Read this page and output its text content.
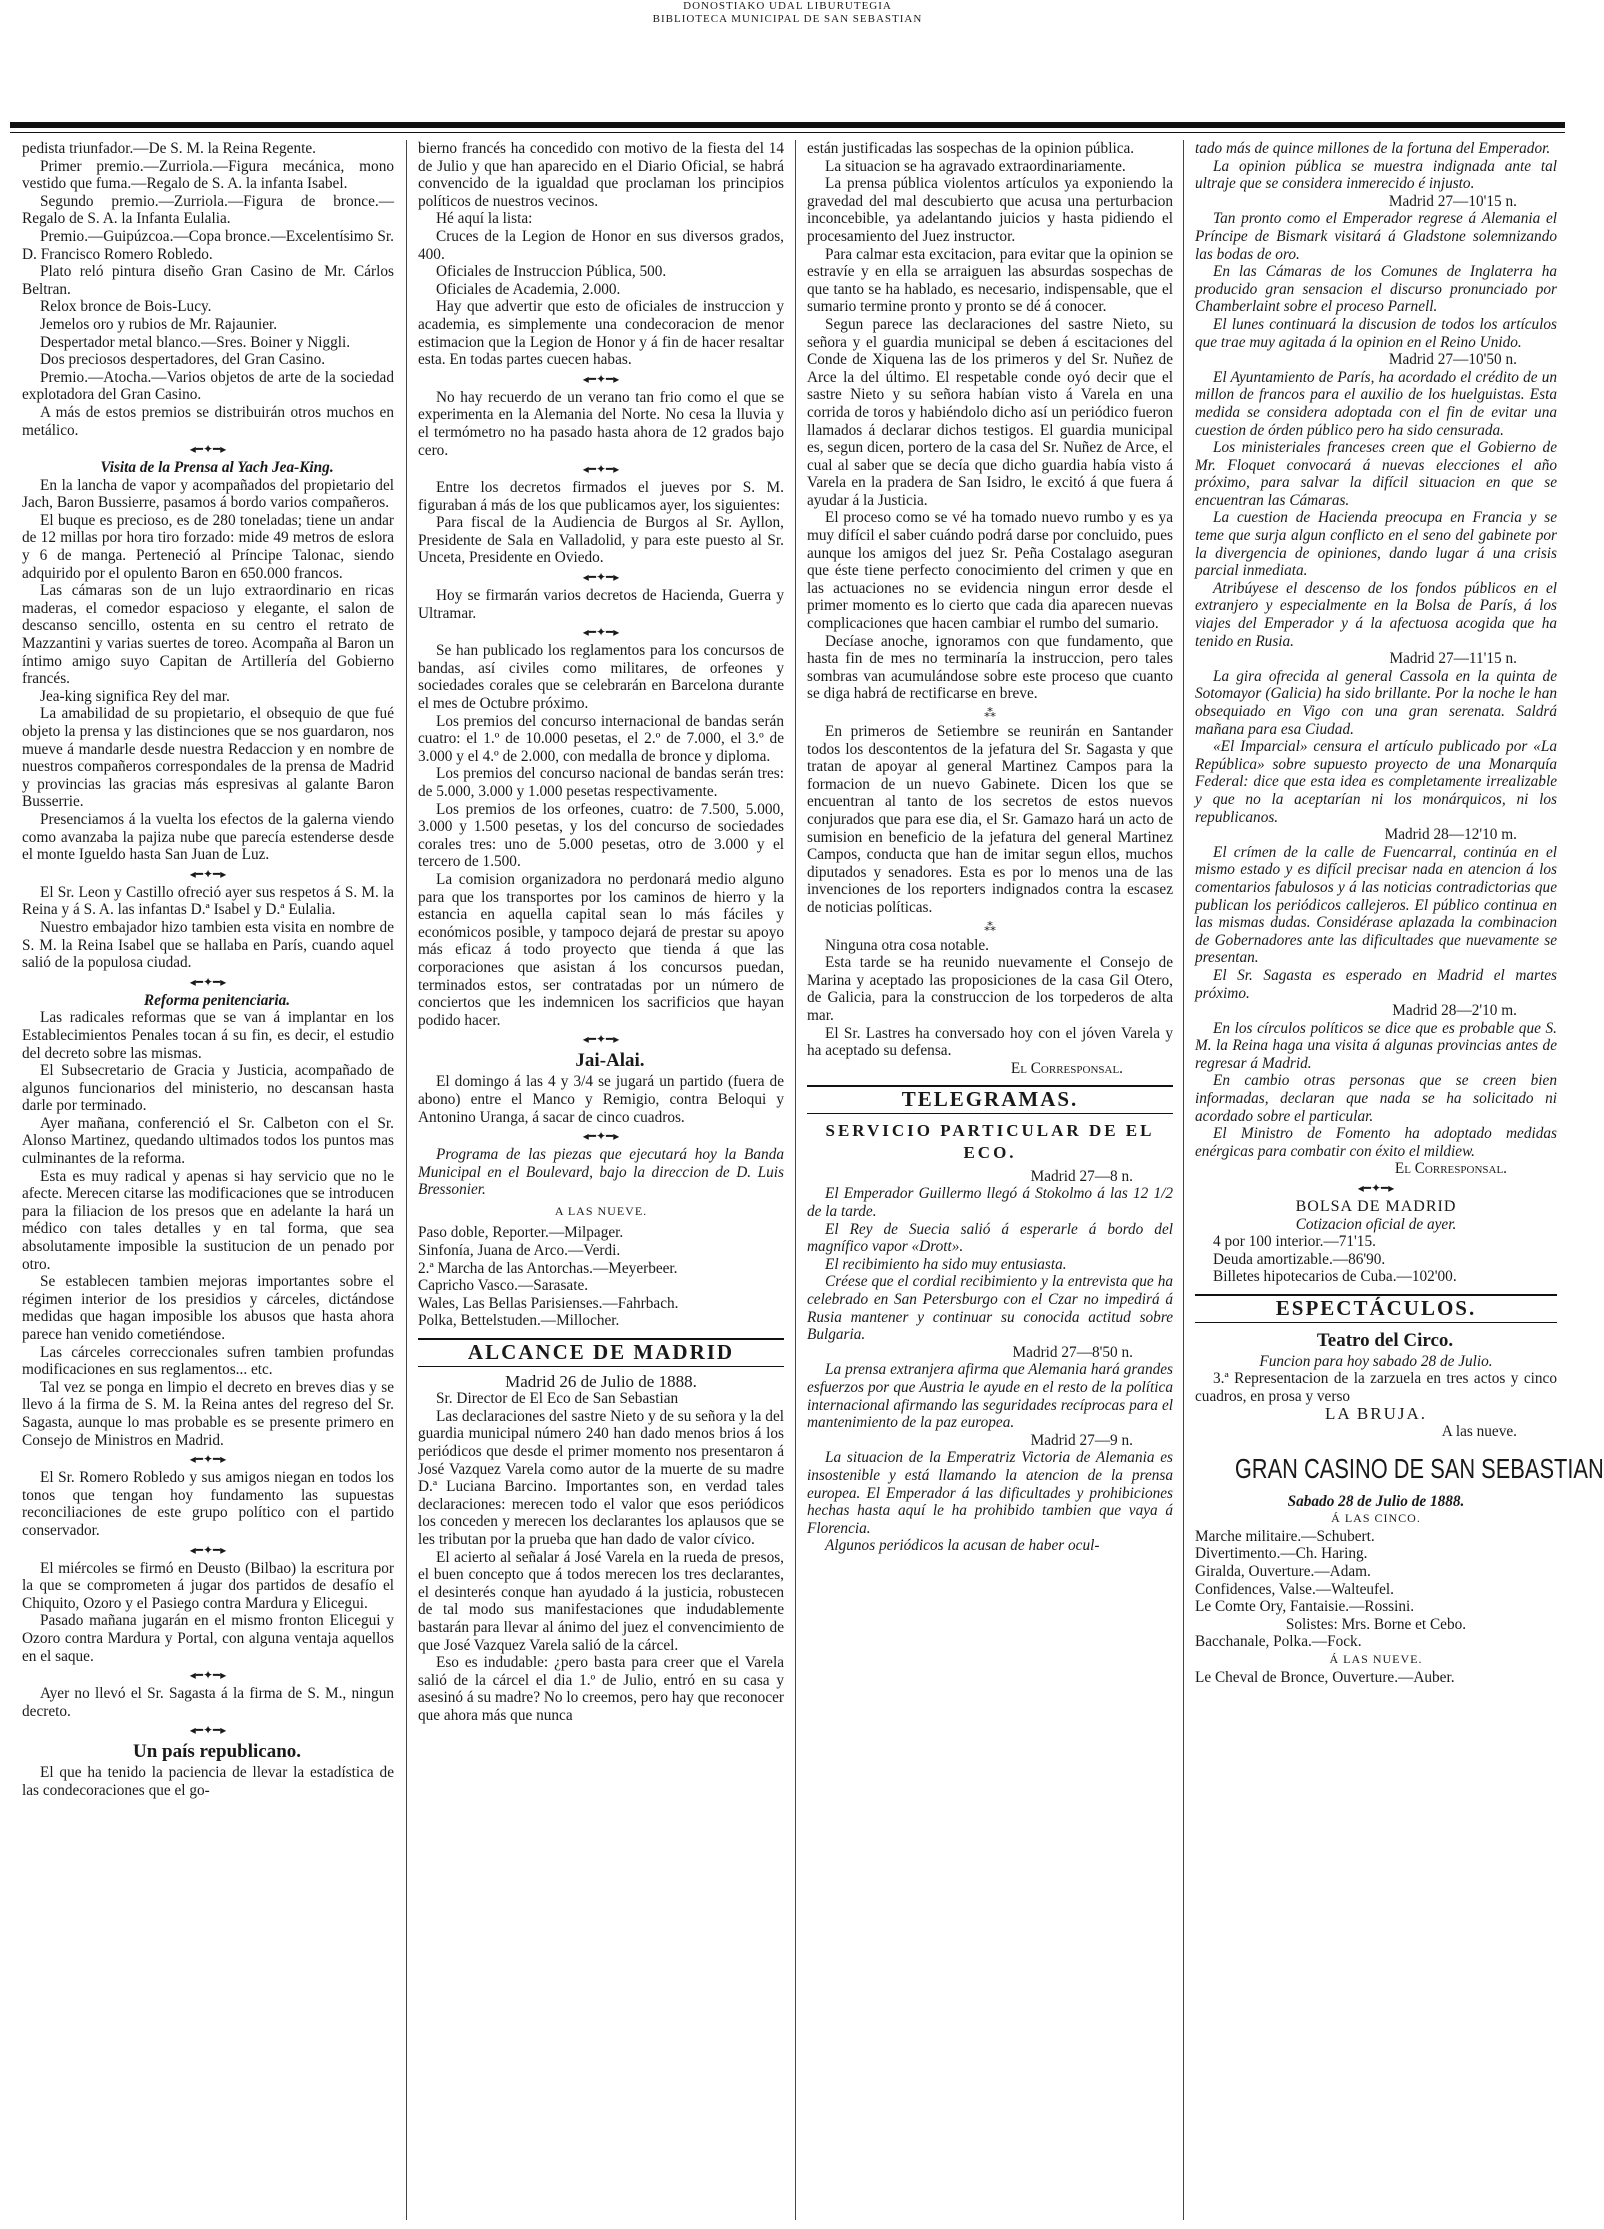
DONOSTIAKO UDAL LIBURUTEGIA
BIBLIOTECA MUNICIPAL DE SAN SEBASTIAN

pedista triunfador.—De S. M. la Reina Regente.

Primer premio.—Zurriola.—Figura mecánica, mono vestido que fuma.—Regalo de S. A. la infanta Isabel.

Segundo premio.—Zurriola.—Figura de bronce.—Regalo de S. A. la Infanta Eulalia.

Premio.—Guipúzcoa.—Copa bronce.—Excelentísimo Sr. D. Francisco Romero Robledo.

Plato reló pintura diseño Gran Casino de Mr. Cárlos Beltran.

Relox bronce de Bois-Lucy.

Jemelos oro y rubios de Mr. Rajaunier.

Despertador metal blanco.—Sres. Boiner y Niggli.

Dos preciosos despertadores, del Gran Casino.

Premio.—Atocha.—Varios objetos de arte de la sociedad explotadora del Gran Casino.

A más de estos premios se distribuirán otros muchos en metálico.

◂━✦━▸

Visita de la Prensa al Yach Jea-King.

En la lancha de vapor y acompañados del propietario del Jach, Baron Bussierre, pasamos á bordo varios compañeros.

El buque es precioso, es de 280 toneladas; tiene un andar de 12 millas por hora tiro forzado: mide 49 metros de eslora y 6 de manga. Perteneció al Príncipe Talonac, siendo adquirido por el opulento Baron en 650.000 francos.

Las cámaras son de un lujo extraordinario en ricas maderas, el comedor espacioso y elegante, el salon de descanso sencillo, ostenta en su centro el retrato de Mazzantini y varias suertes de toreo. Acompaña al Baron un íntimo amigo suyo Capitan de Artillería del Gobierno francés.

Jea-king significa Rey del mar.

La amabilidad de su propietario, el obsequio de que fué objeto la prensa y las distinciones que se nos guardaron, nos mueve á mandarle desde nuestra Redaccion y en nombre de nuestros compañeros correspondales de la prensa de Madrid y provincias las gracias más espresivas al galante Baron Busserrie.

Presenciamos á la vuelta los efectos de la galerna viendo como avanzaba la pajiza nube que parecía estenderse desde el monte Igueldo hasta San Juan de Luz.

◂━✦━▸

El Sr. Leon y Castillo ofreció ayer sus respetos á S. M. la Reina y á S. A. las infantas D.ª Isabel y D.ª Eulalia.

Nuestro embajador hizo tambien esta visita en nombre de S. M. la Reina Isabel que se hallaba en París, cuando aquel salió de la populosa ciudad.

◂━✦━▸

Reforma penitenciaria.

Las radicales reformas que se van á implantar en los Establecimientos Penales tocan á su fin, es decir, el estudio del decreto sobre las mismas.

El Subsecretario de Gracia y Justicia, acompañado de algunos funcionarios del ministerio, no descansan hasta darle por terminado.

Ayer mañana, conferenció el Sr. Calbeton con el Sr. Alonso Martinez, quedando ultimados todos los puntos mas culminantes de la reforma.

Esta es muy radical y apenas si hay servicio que no le afecte. Merecen citarse las modificaciones que se introducen para la filiacion de los presos que en adelante la hará un médico con tales detalles y en tal forma, que sea absolutamente imposible la sustitucion de un penado por otro.

Se establecen tambien mejoras importantes sobre el régimen interior de los presidios y cárceles, dictándose medidas que hagan imposible los abusos que hasta ahora parece han venido cometiéndose.

Las cárceles correccionales sufren tambien profundas modificaciones en sus reglamentos... etc.

Tal vez se ponga en limpio el decreto en breves dias y se llevo á la firma de S. M. la Reina antes del regreso del Sr. Sagasta, aunque lo mas probable es se presente primero en Consejo de Ministros en Madrid.

◂━✦━▸

El Sr. Romero Robledo y sus amigos niegan en todos los tonos que tengan hoy fundamento las supuestas reconciliaciones de este grupo político con el partido conservador.

◂━✦━▸

El miércoles se firmó en Deusto (Bilbao) la escritura por la que se comprometen á jugar dos partidos de desafío el Chiquito, Ozoro y el Pasiego contra Mardura y Elicegui.

Pasado mañana jugarán en el mismo fronton Elicegui y Ozoro contra Mardura y Portal, con alguna ventaja aquellos en el saque.

◂━✦━▸

Ayer no llevó el Sr. Sagasta á la firma de S. M., ningun decreto.

◂━✦━▸

Un país republicano.

El que ha tenido la paciencia de llevar la estadística de las condecoraciones que el go-

bierno francés ha concedido con motivo de la fiesta del 14 de Julio y que han aparecido en el Diario Oficial, se habrá convencido de la igualdad que proclaman los principios políticos de nuestros vecinos.

Hé aquí la lista:

Cruces de la Legion de Honor en sus diversos grados, 400.

Oficiales de Instruccion Pública, 500.

Oficiales de Academia, 2.000.

Hay que advertir que esto de oficiales de instruccion y academia, es simplemente una condecoracion de menor estimacion que la Legion de Honor y á fin de hacer resaltar esta. En todas partes cuecen habas.

◂━✦━▸

No hay recuerdo de un verano tan frio como el que se experimenta en la Alemania del Norte. No cesa la lluvia y el termómetro no ha pasado hasta ahora de 12 grados bajo cero.

◂━✦━▸

Entre los decretos firmados el jueves por S. M. figuraban á más de los que publicamos ayer, los siguientes:

Para fiscal de la Audiencia de Burgos al Sr. Ayllon, Presidente de Sala en Valladolid, y para este puesto al Sr. Unceta, Presidente en Oviedo.

◂━✦━▸

Hoy se firmarán varios decretos de Hacienda, Guerra y Ultramar.

◂━✦━▸

Se han publicado los reglamentos para los concursos de bandas, así civiles como militares, de orfeones y sociedades corales que se celebrarán en Barcelona durante el mes de Octubre próximo.

Los premios del concurso internacional de bandas serán cuatro: el 1.º de 10.000 pesetas, el 2.º de 7.000, el 3.º de 3.000 y el 4.º de 2.000, con medalla de bronce y diploma.

Los premios del concurso nacional de bandas serán tres: de 5.000, 3.000 y 1.000 pesetas respectivamente.

Los premios de los orfeones, cuatro: de 7.500, 5.000, 3.000 y 1.500 pesetas, y los del concurso de sociedades corales tres: uno de 5.000 pesetas, otro de 3.000 y el tercero de 1.500.

La comision organizadora no perdonará medio alguno para que los transportes por los caminos de hierro y la estancia en aquella capital sean lo más fáciles y económicos posible, y tampoco dejará de prestar su apoyo más eficaz á todo proyecto que tienda á que las corporaciones que asistan á los concursos puedan, terminados estos, ser contratadas por un número de conciertos que les indemnicen los sacrificios que hayan podido hacer.

◂━✦━▸

Jai-Alai.

El domingo á las 4 y 3/4 se jugará un partido (fuera de abono) entre el Manco y Remigio, contra Beloqui y Antonino Uranga, á sacar de cinco cuadros.

◂━✦━▸

Programa de las piezas que ejecutará hoy la Banda Municipal en el Boulevard, bajo la direccion de D. Luis Bressonier.

A LAS NUEVE.

Paso doble, Reporter.—Milpager.

Sinfonía, Juana de Arco.—Verdi.

2.ª Marcha de las Antorchas.—Meyerbeer.

Capricho Vasco.—Sarasate.

Wales, Las Bellas Parisienses.—Fahrbach.

Polka, Bettelstuden.—Millocher.

ALCANCE DE MADRID

Madrid 26 de Julio de 1888.

Sr. Director de El Eco de San Sebastian

Las declaraciones del sastre Nieto y de su señora y la del guardia municipal número 240 han dado menos brios á los periódicos que desde el primer momento nos presentaron á José Vazquez Varela como autor de la muerte de su madre D.ª Luciana Barcino. Importantes son, en verdad tales declaraciones: merecen todo el valor que esos periódicos los conceden y merecen los declarantes los aplausos que se les tributan por la prueba que han dado de valor cívico.

El acierto al señalar á José Varela en la rueda de presos, el buen concepto que á todos merecen los tres declarantes, el desinterés conque han ayudado á la justicia, robustecen de tal modo sus manifestaciones que indudablemente bastarán para llevar al ánimo del juez el convencimiento de que José Vazquez Varela salió de la cárcel.

Eso es indudable: ¿pero basta para creer que el Varela salió de la cárcel el dia 1.º de Julio, entró en su casa y asesinó á su madre? No lo creemos, pero hay que reconocer que ahora más que nunca

están justificadas las sospechas de la opinion pública.

La situacion se ha agravado extraordinariamente.

La prensa pública violentos artículos ya exponiendo la gravedad del mal descubierto que acusa una perturbacion inconcebible, ya adelantando juicios y hasta pidiendo el procesamiento del Juez instructor.

Para calmar esta excitacion, para evitar que la opinion se estravíe y en ella se arraiguen las absurdas sospechas de que tanto se ha hablado, es necesario, indispensable, que el sumario termine pronto y pronto se dé á conocer.

Segun parece las declaraciones del sastre Nieto, su señora y el guardia municipal se deben á escitaciones del Conde de Xiquena las de los primeros y del Sr. Nuñez de Arce la del último. El respetable conde oyó decir que el sastre Nieto y su señora habían visto á Varela en una corrida de toros y habiéndolo dicho así un periódico fueron llamados á declarar dichos testigos. El guardia municipal es, segun dicen, portero de la casa del Sr. Nuñez de Arce, el cual al saber que se decía que dicho guardia había visto á Varela en la pradera de San Isidro, le excitó á que fuera á ayudar á la Justicia.

El proceso como se vé ha tomado nuevo rumbo y es ya muy difícil el saber cuándo podrá darse por concluido, pues aunque los amigos del juez Sr. Peña Costalago aseguran que éste tiene perfecto conocimiento del crimen y que en las actuaciones no se evidencia ningun error desde el primer momento es lo cierto que cada dia aparecen nuevas complicaciones que hacen cambiar el rumbo del sumario.

Decíase anoche, ignoramos con que fundamento, que hasta fin de mes no terminaría la instruccion, pero tales sombras van acumulándose sobre este proceso que cuanto se diga habrá de rectificarse en breve.

⁂

En primeros de Setiembre se reunirán en Santander todos los descontentos de la jefatura del Sr. Sagasta y que tratan de apoyar al general Martinez Campos para la formacion de un nuevo Gabinete. Dicen los que se encuentran al tanto de los secretos de estos nuevos conjurados que para ese dia, el Sr. Gamazo hará un acto de sumision en beneficio de la jefatura del general Martinez Campos, conducta que han de imitar segun ellos, muchos diputados y senadores. Esta es por lo menos una de las invenciones de los reporters indignados contra la escasez de noticias políticas.

⁂

Ninguna otra cosa notable.

Esta tarde se ha reunido nuevamente el Consejo de Marina y aceptado las proposiciones de la casa Gil Otero, de Galicia, para la construccion de los torpederos de alta mar.

El Sr. Lastres ha conversado hoy con el jóven Varela y ha aceptado su defensa.

El Corresponsal.

TELEGRAMAS.
SERVICIO PARTICULAR DE EL ECO.

Madrid 27—8 n.

El Emperador Guillermo llegó á Stokolmo á las 12 1/2 de la tarde.

El Rey de Suecia salió á esperarle á bordo del magnífico vapor «Drott».

El recibimiento ha sido muy entusiasta.

Créese que el cordial recibimiento y la entrevista que ha celebrado en San Petersburgo con el Czar no impedirá á Rusia mantener y continuar su conocida actitud sobre Bulgaria.

Madrid 27—8'50 n.

La prensa extranjera afirma que Alemania hará grandes esfuerzos por que Austria le ayude en el resto de la política internacional afirmando las seguridades recíprocas para el mantenimiento de la paz europea.

Madrid 27—9 n.

La situacion de la Emperatriz Victoria de Alemania es insostenible y está llamando la atencion de la prensa europea. El Emperador á las dificultades y prohibiciones hechas hasta aquí le ha prohibido tambien que vaya á Florencia.

Algunos periódicos la acusan de haber ocul-

tado más de quince millones de la fortuna del Emperador.

La opinion pública se muestra indignada ante tal ultraje que se considera inmerecido é injusto.

Madrid 27—10'15 n.

Tan pronto como el Emperador regrese á Alemania el Príncipe de Bismark visitará á Gladstone solemnizando las bodas de oro.

En las Cámaras de los Comunes de Inglaterra ha producido gran sensacion el discurso pronunciado por Chamberlaint sobre el proceso Parnell.

El lunes continuará la discusion de todos los artículos que trae muy agitada á la opinion en el Reino Unido.

Madrid 27—10'50 n.

El Ayuntamiento de París, ha acordado el crédito de un millon de francos para el auxilio de los huelguistas. Esta medida se considera adoptada con el fin de evitar una cuestion de órden público pero ha sido censurada.

Los ministeriales franceses creen que el Gobierno de Mr. Floquet convocará á nuevas elecciones el año próximo, para salvar la difícil situacion en que se encuentran las Cámaras.

La cuestion de Hacienda preocupa en Francia y se teme que surja algun conflicto en el seno del gabinete por la divergencia de opiniones, dando lugar á una crisis parcial inmediata.

Atribúyese el descenso de los fondos públicos en el extranjero y especialmente en la Bolsa de París, á los viajes del Emperador y á la afectuosa acogida que ha tenido en Rusia.

Madrid 27—11'15 n.

La gira ofrecida al general Cassola en la quinta de Sotomayor (Galicia) ha sido brillante. Por la noche le han obsequiado en Vigo con una gran serenata. Saldrá mañana para esa Ciudad.

«El Imparcial» censura el artículo publicado por «La República» sobre supuesto proyecto de una Monarquía Federal: dice que esta idea es completamente irrealizable y que no la aceptarían ni los monárquicos, ni los republicanos.

Madrid 28—12'10 m.

El crímen de la calle de Fuencarral, continúa en el mismo estado y es difícil precisar nada en atencion á los comentarios fabulosos y á las noticias contradictorias que publican los periódicos callejeros. El público continua en las mismas dudas. Considérase aplazada la combinacion de Gobernadores ante las dificultades que nuevamente se presentan.

El Sr. Sagasta es esperado en Madrid el martes próximo.

Madrid 28—2'10 m.

En los círculos políticos se dice que es probable que S. M. la Reina haga una visita á algunas provincias antes de regresar á Madrid.

En cambio otras personas que se creen bien informadas, declaran que nada se ha solicitado ni acordado sobre el particular.

El Ministro de Fomento ha adoptado medidas enérgicas para combatir con éxito el mildiew.

El Corresponsal.

◂━✦━▸

BOLSA DE MADRID

Cotizacion oficial de ayer.

4 por 100 interior.—71'15.

Deuda amortizable.—86'90.

Billetes hipotecarios de Cuba.—102'00.

ESPECTÁCULOS.

Teatro del Circo.

Funcion para hoy sabado 28 de Julio.

3.ª Representacion de la zarzuela en tres actos y cinco cuadros, en prosa y verso

LA BRUJA.

A las nueve.

GRAN CASINO DE SAN SEBASTIAN

Sabado 28 de Julio de 1888.

Á LAS CINCO.

Marche militaire.—Schubert.

Divertimento.—Ch. Haring.

Giralda, Ouverture.—Adam.

Confidences, Valse.—Walteufel.

Le Comte Ory, Fantaisie.—Rossini.

Solistes: Mrs. Borne et Cebo.

Bacchanale, Polka.—Fock.

Á LAS NUEVE.

Le Cheval de Bronce, Ouverture.—Auber.
